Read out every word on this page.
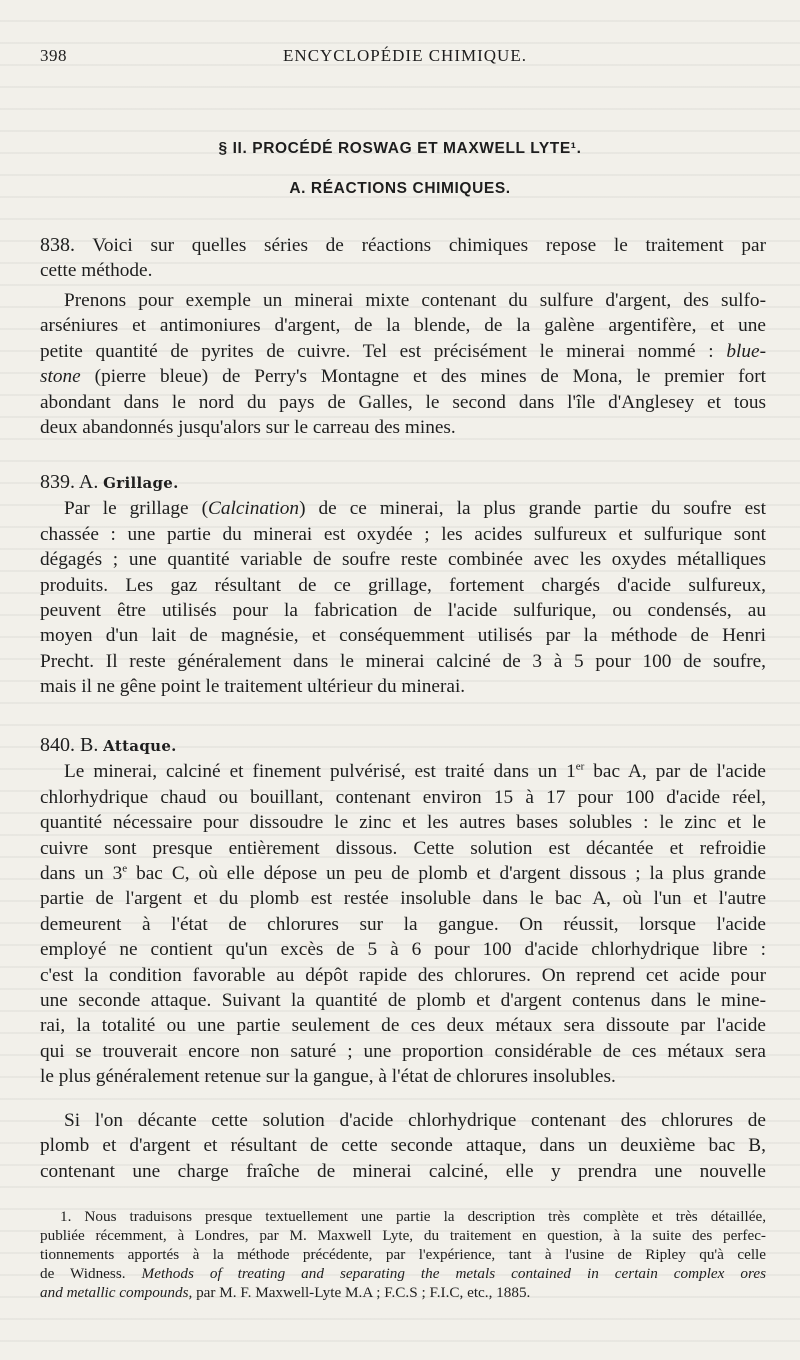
398	ENCYCLOPÉDIE CHIMIQUE.
§ II. PROCÉDÉ ROSWAG ET MAXWELL LYTE¹.
A. RÉACTIONS CHIMIQUES.
838. Voici sur quelles séries de réactions chimiques repose le traitement par
cette méthode.
Prenons pour exemple un minerai mixte contenant du sulfure d'argent, des sulfo-
arséniures et antimoniures d'argent, de la blende, de la galène argentifère, et une
petite quantité de pyrites de cuivre. Tel est précisément le minerai nommé : blue-
stone (pierre bleue) de Perry's Montagne et des mines de Mona, le premier fort
abondant dans le nord du pays de Galles, le second dans l'île d'Anglesey et tous
deux abandonnés jusqu'alors sur le carreau des mines.
839. A. Grillage.
Par le grillage (Calcination) de ce minerai, la plus grande partie du soufre est
chassée : une partie du minerai est oxydée ; les acides sulfureux et sulfurique sont
dégagés ; une quantité variable de soufre reste combinée avec les oxydes métalliques
produits. Les gaz résultant de ce grillage, fortement chargés d'acide sulfureux,
peuvent être utilisés pour la fabrication de l'acide sulfurique, ou condensés, au
moyen d'un lait de magnésie, et conséquemment utilisés par la méthode de Henri
Precht. Il reste généralement dans le minerai calciné de 3 à 5 pour 100 de soufre,
mais il ne gêne point le traitement ultérieur du minerai.
840. B. Attaque.
Le minerai, calciné et finement pulvérisé, est traité dans un 1er bac A, par de l'acide
chlorhydrique chaud ou bouillant, contenant environ 15 à 17 pour 100 d'acide réel,
quantité nécessaire pour dissoudre le zinc et les autres bases solubles : le zinc et le
cuivre sont presque entièrement dissous. Cette solution est décantée et refroidie
dans un 3e bac C, où elle dépose un peu de plomb et d'argent dissous ; la plus grande
partie de l'argent et du plomb est restée insoluble dans le bac A, où l'un et l'autre
demeurent à l'état de chlorures sur la gangue. On réussit, lorsque l'acide
employé ne contient qu'un excès de 5 à 6 pour 100 d'acide chlorhydrique libre :
c'est la condition favorable au dépôt rapide des chlorures. On reprend cet acide pour
une seconde attaque. Suivant la quantité de plomb et d'argent contenus dans le mine-
rai, la totalité ou une partie seulement de ces deux métaux sera dissoute par l'acide
qui se trouverait encore non saturé ; une proportion considérable de ces métaux sera
le plus généralement retenue sur la gangue, à l'état de chlorures insolubles.
Si l'on décante cette solution d'acide chlorhydrique contenant des chlorures de
plomb et d'argent et résultant de cette seconde attaque, dans un deuxième bac B,
contenant une charge fraîche de minerai calciné, elle y prendra une nouvelle
1. Nous traduisons presque textuellement une partie la description très complète et très détaillée,
publiée récemment, à Londres, par M. Maxwell Lyte, du traitement en question, à la suite des perfec-
tionnements apportés à la méthode précédente, par l'expérience, tant à l'usine de Ripley qu'à celle
de Widness. Methods of treating and separating the metals contained in certain complex ores
and metallic compounds, par M. F. Maxwell-Lyte M.A ; F.C.S ; F.I.C, etc., 1885.
